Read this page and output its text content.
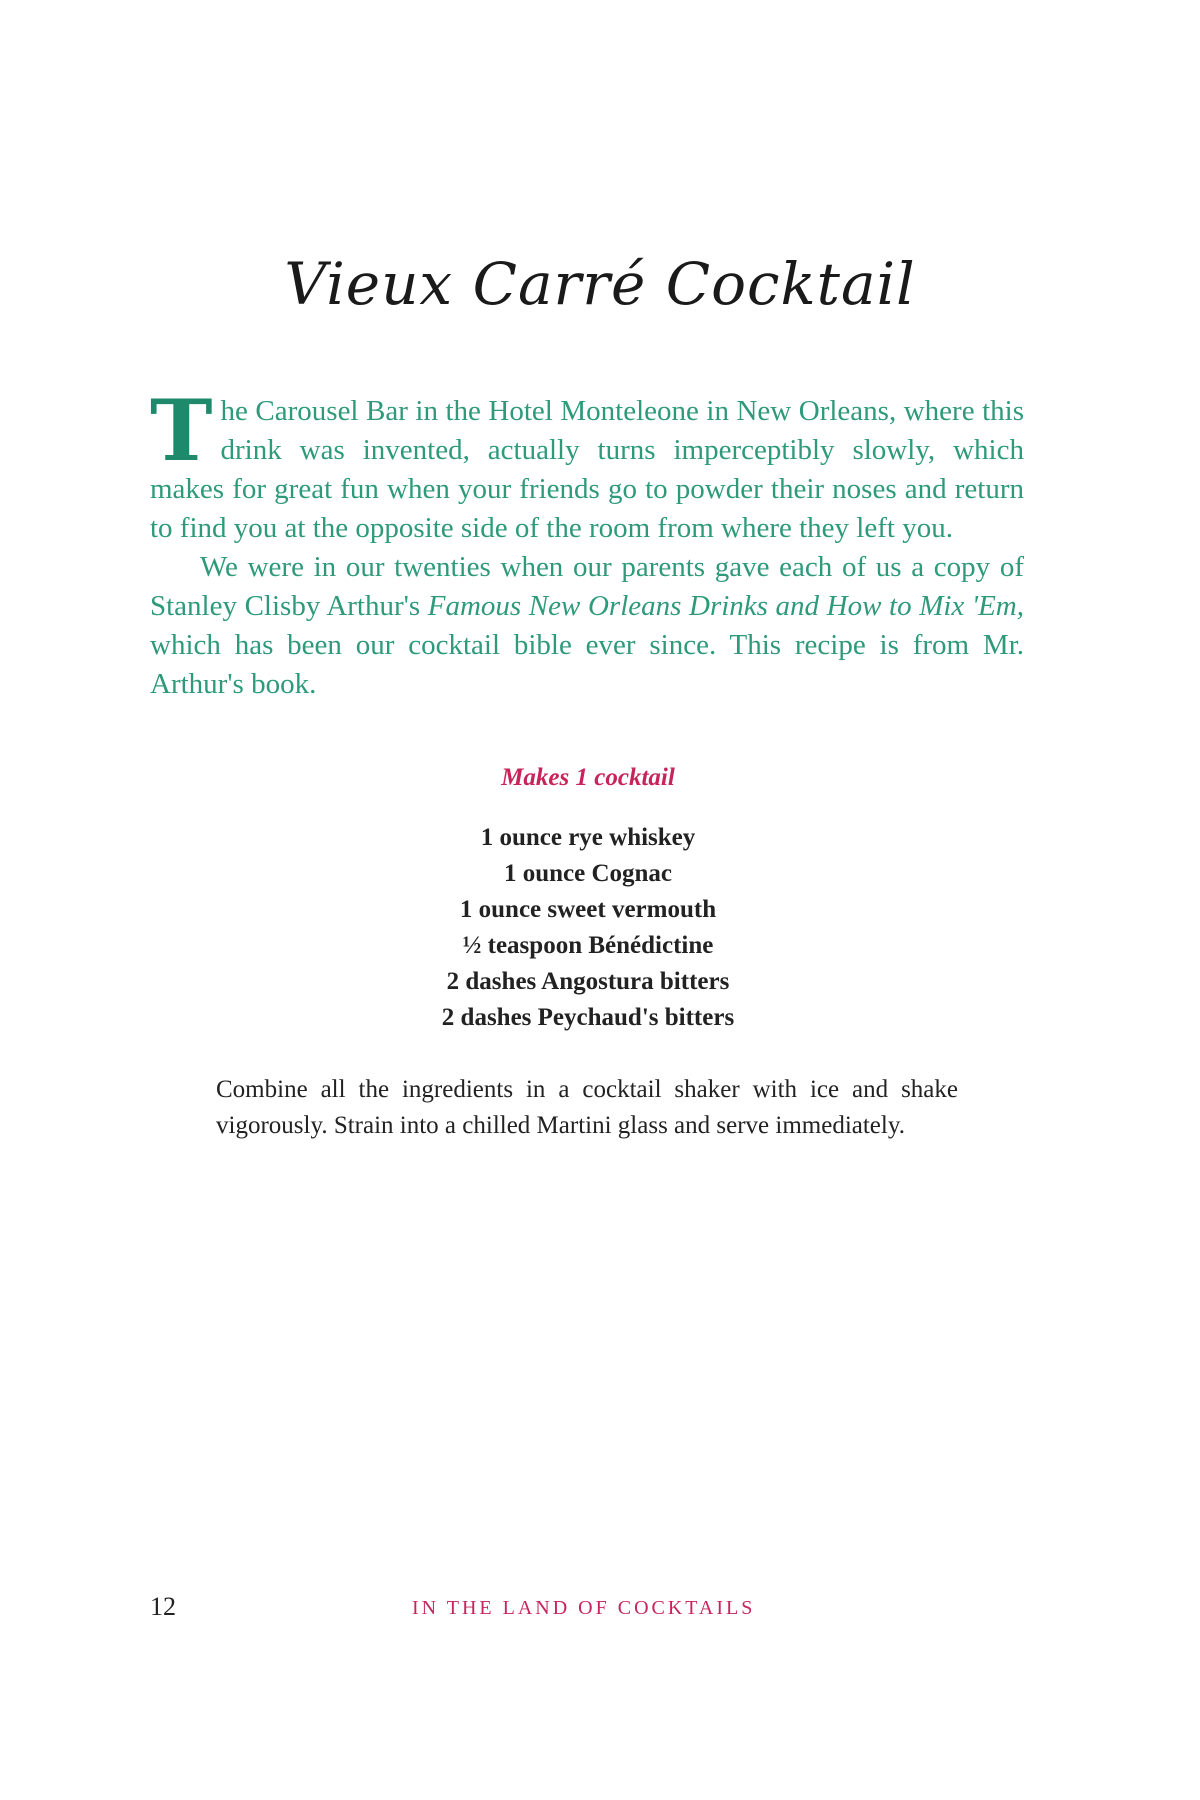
Vieux Carré Cocktail

The Carousel Bar in the Hotel Monteleone in New Orleans, where this drink was invented, actually turns imperceptibly slowly, which makes for great fun when your friends go to powder their noses and return to find you at the opposite side of the room from where they left you.

We were in our twenties when our parents gave each of us a copy of Stanley Clisby Arthur's Famous New Orleans Drinks and How to Mix 'Em, which has been our cocktail bible ever since. This recipe is from Mr. Arthur's book.

Makes 1 cocktail
1 ounce rye whiskey
1 ounce Cognac
1 ounce sweet vermouth
½ teaspoon Bénédictine
2 dashes Angostura bitters
2 dashes Peychaud's bitters

Combine all the ingredients in a cocktail shaker with ice and shake vigorously. Strain into a chilled Martini glass and serve immediately.

12	IN THE LAND OF COCKTAILS
